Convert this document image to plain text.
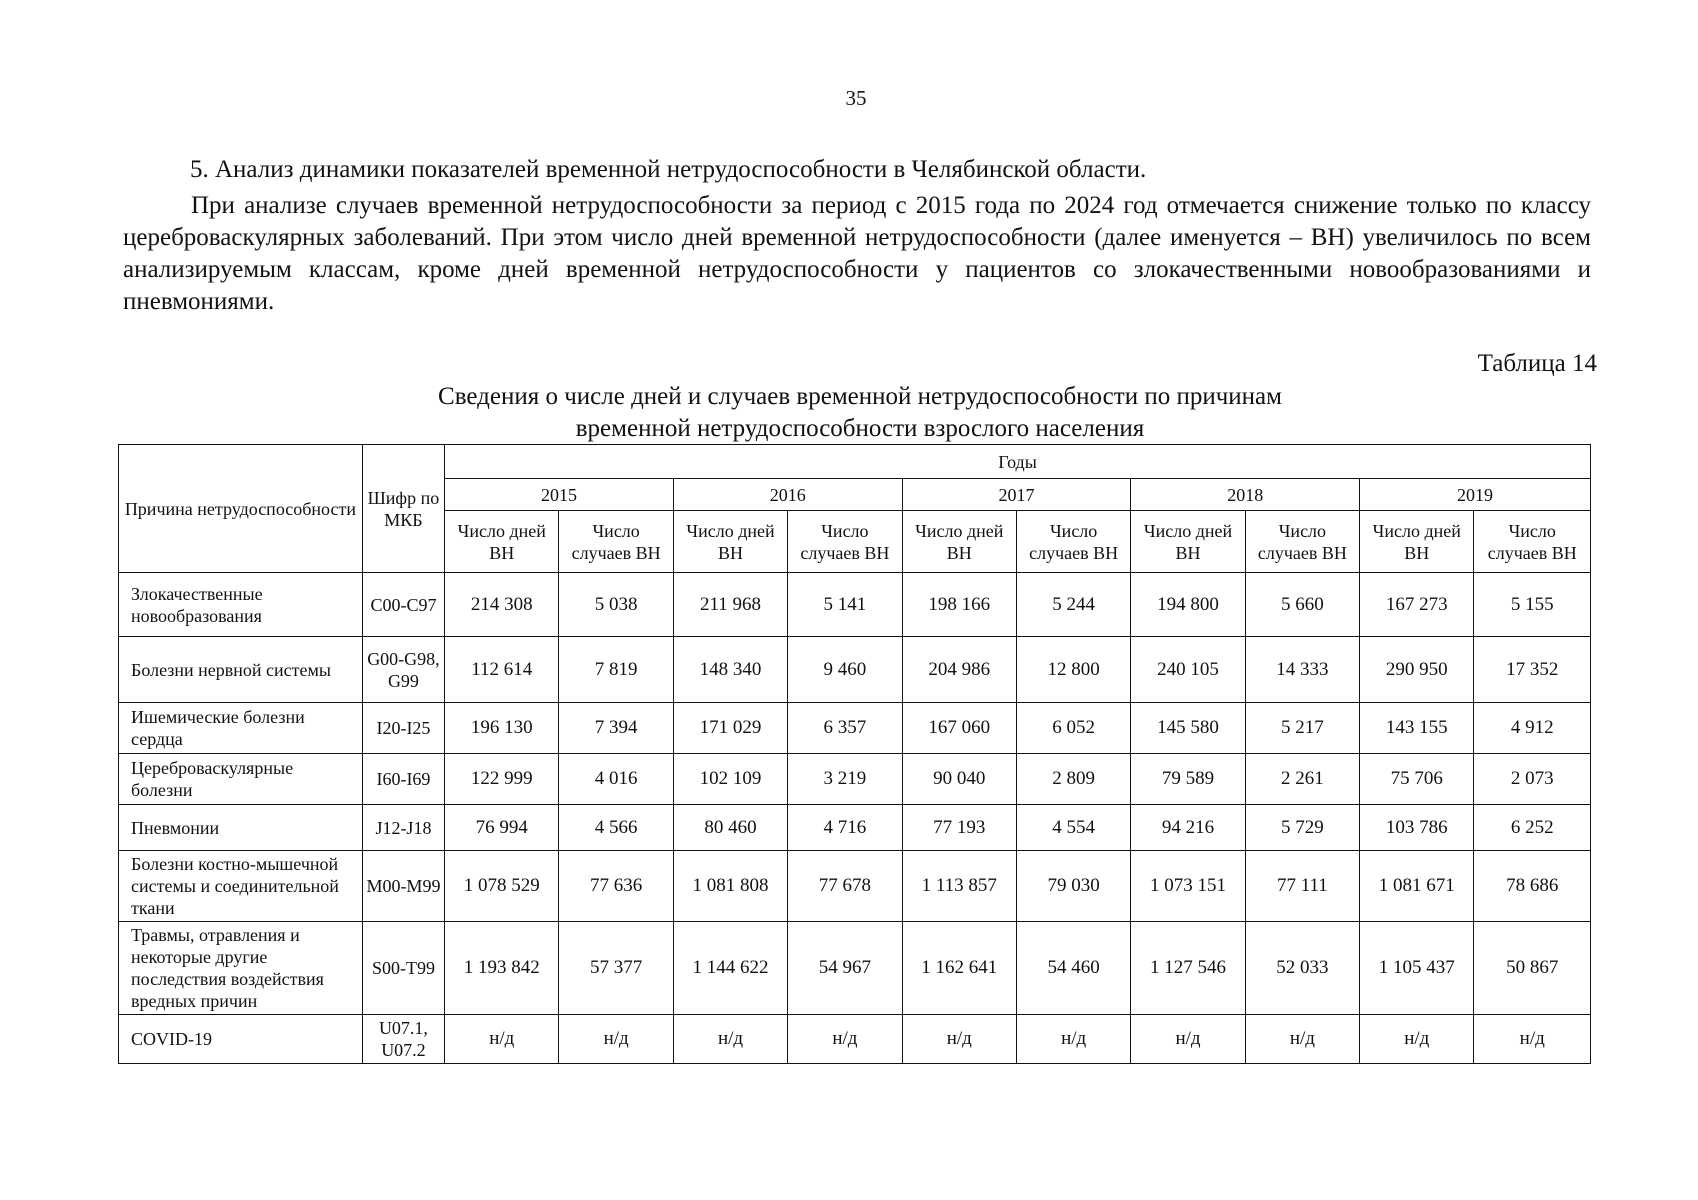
35
5. Анализ динамики показателей временной нетрудоспособности в Челябинской области.

При анализе случаев временной нетрудоспособности за период с 2015 года по 2024 год отмечается снижение только по классу цереброваскулярных заболеваний. При этом число дней временной нетрудоспособности (далее именуется – ВН) увеличилось по всем анализируемым классам, кроме дней временной нетрудоспособности у пациентов со злокачественными новообразованиями и пневмониями.

Таблица 14
Сведения о числе дней и случаев временной нетрудоспособности по причинам
временной нетрудоспособности взрослого населения
Причина нетрудоспособности	Шифр по МКБ	Годы									
		2015		2016		2017		2018		2019	
		Число дней ВН	Число случаев ВН	Число дней ВН	Число случаев ВН	Число дней ВН	Число случаев ВН	Число дней ВН	Число случаев ВН	Число дней ВН	Число случаев ВН
Злокачественные новообразования	С00-С97	214 308	5 038	211 968	5 141	198 166	5 244	194 800	5 660	167 273	5 155
Болезни нервной системы	G00-G98, G99	112 614	7 819	148 340	9 460	204 986	12 800	240 105	14 333	290 950	17 352
Ишемические болезни сердца	I20-I25	196 130	7 394	171 029	6 357	167 060	6 052	145 580	5 217	143 155	4 912
Цереброваскулярные болезни	I60-I69	122 999	4 016	102 109	3 219	90 040	2 809	79 589	2 261	75 706	2 073
Пневмонии	J12-J18	76 994	4 566	80 460	4 716	77 193	4 554	94 216	5 729	103 786	6 252
Болезни костно-мышечной системы и соединительной ткани	M00-M99	1 078 529	77 636	1 081 808	77 678	1 113 857	79 030	1 073 151	77 111	1 081 671	78 686
Травмы, отравления и некоторые другие последствия воздействия вредных причин	S00-T99	1 193 842	57 377	1 144 622	54 967	1 162 641	54 460	1 127 546	52 033	1 105 437	50 867
COVID-19	U07.1, U07.2	н/д	н/д	н/д	н/д	н/д	н/д	н/д	н/д	н/д	н/д
